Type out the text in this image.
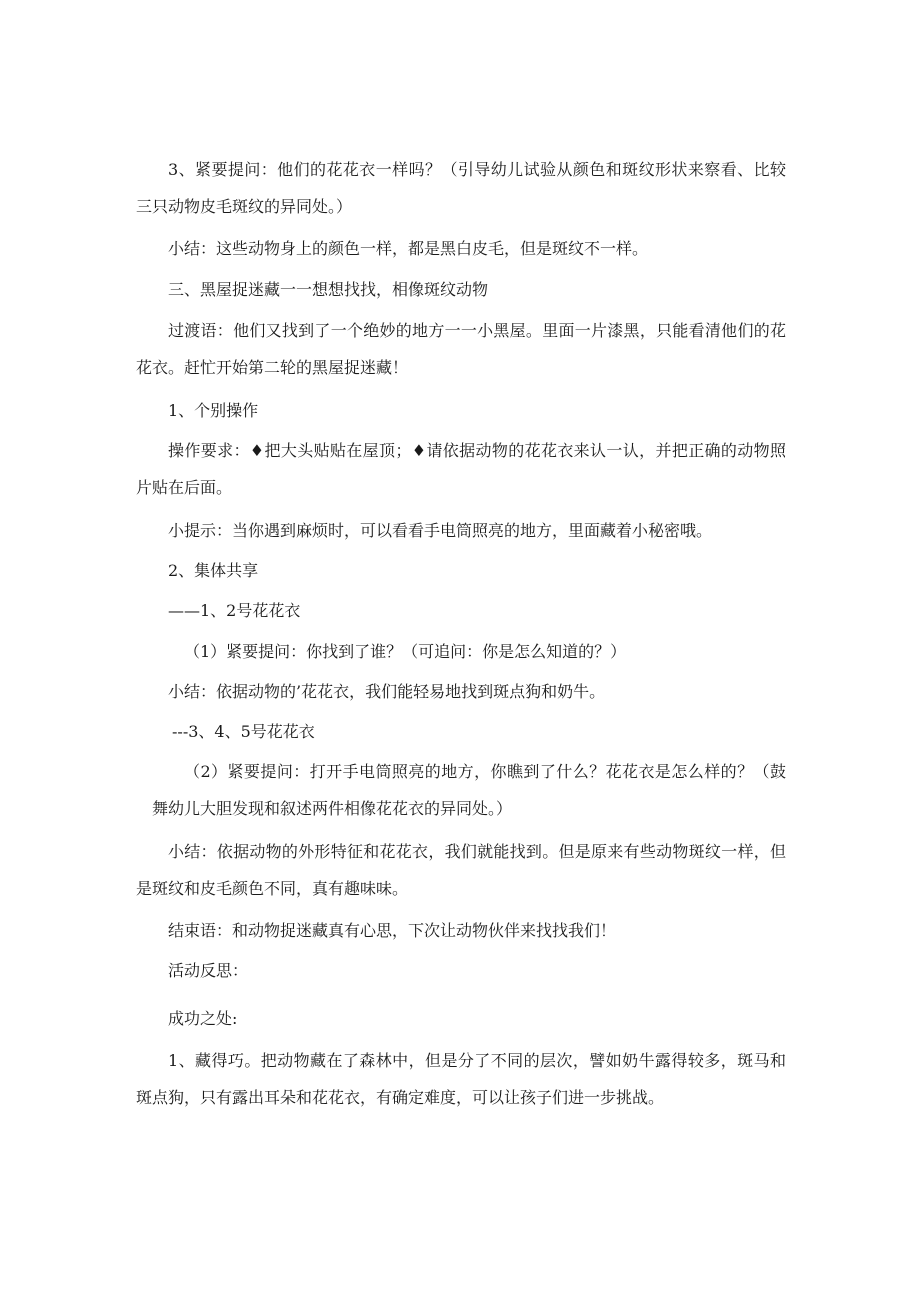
3、紧要提问：他们的花花衣一样吗？（引导幼儿试验从颜色和斑纹形状来察看、比较三只动物皮毛斑纹的异同处。）

小结：这些动物身上的颜色一样，都是黑白皮毛，但是斑纹不一样。

三、黑屋捉迷藏一一想想找找，相像斑纹动物

过渡语：他们又找到了一个绝妙的地方一一小黑屋。里面一片漆黑，只能看清他们的花花衣。赶忙开始第二轮的黑屋捉迷藏！

1、个别操作

操作要求：♦把大头贴贴在屋顶；♦请依据动物的花花衣来认一认，并把正确的动物照片贴在后面。

小提示：当你遇到麻烦时，可以看看手电筒照亮的地方，里面藏着小秘密哦。

2、集体共享

——1、2号花花衣

（1）紧要提问：你找到了谁？（可追问：你是怎么知道的？）

小结：依据动物的’花花衣，我们能轻易地找到斑点狗和奶牛。

---3、4、5号花花衣

（2）紧要提问：打开手电筒照亮的地方，你瞧到了什么？花花衣是怎么样的？（鼓舞幼儿大胆发现和叙述两件相像花花衣的异同处。）

小结：依据动物的外形特征和花花衣，我们就能找到。但是原来有些动物斑纹一样，但是斑纹和皮毛颜色不同，真有趣味味。

结束语：和动物捉迷藏真有心思，下次让动物伙伴来找找我们！

活动反思：

成功之处:

1、藏得巧。把动物藏在了森林中，但是分了不同的层次，譬如奶牛露得较多，斑马和斑点狗，只有露出耳朵和花花衣，有确定难度，可以让孩子们进一步挑战。
